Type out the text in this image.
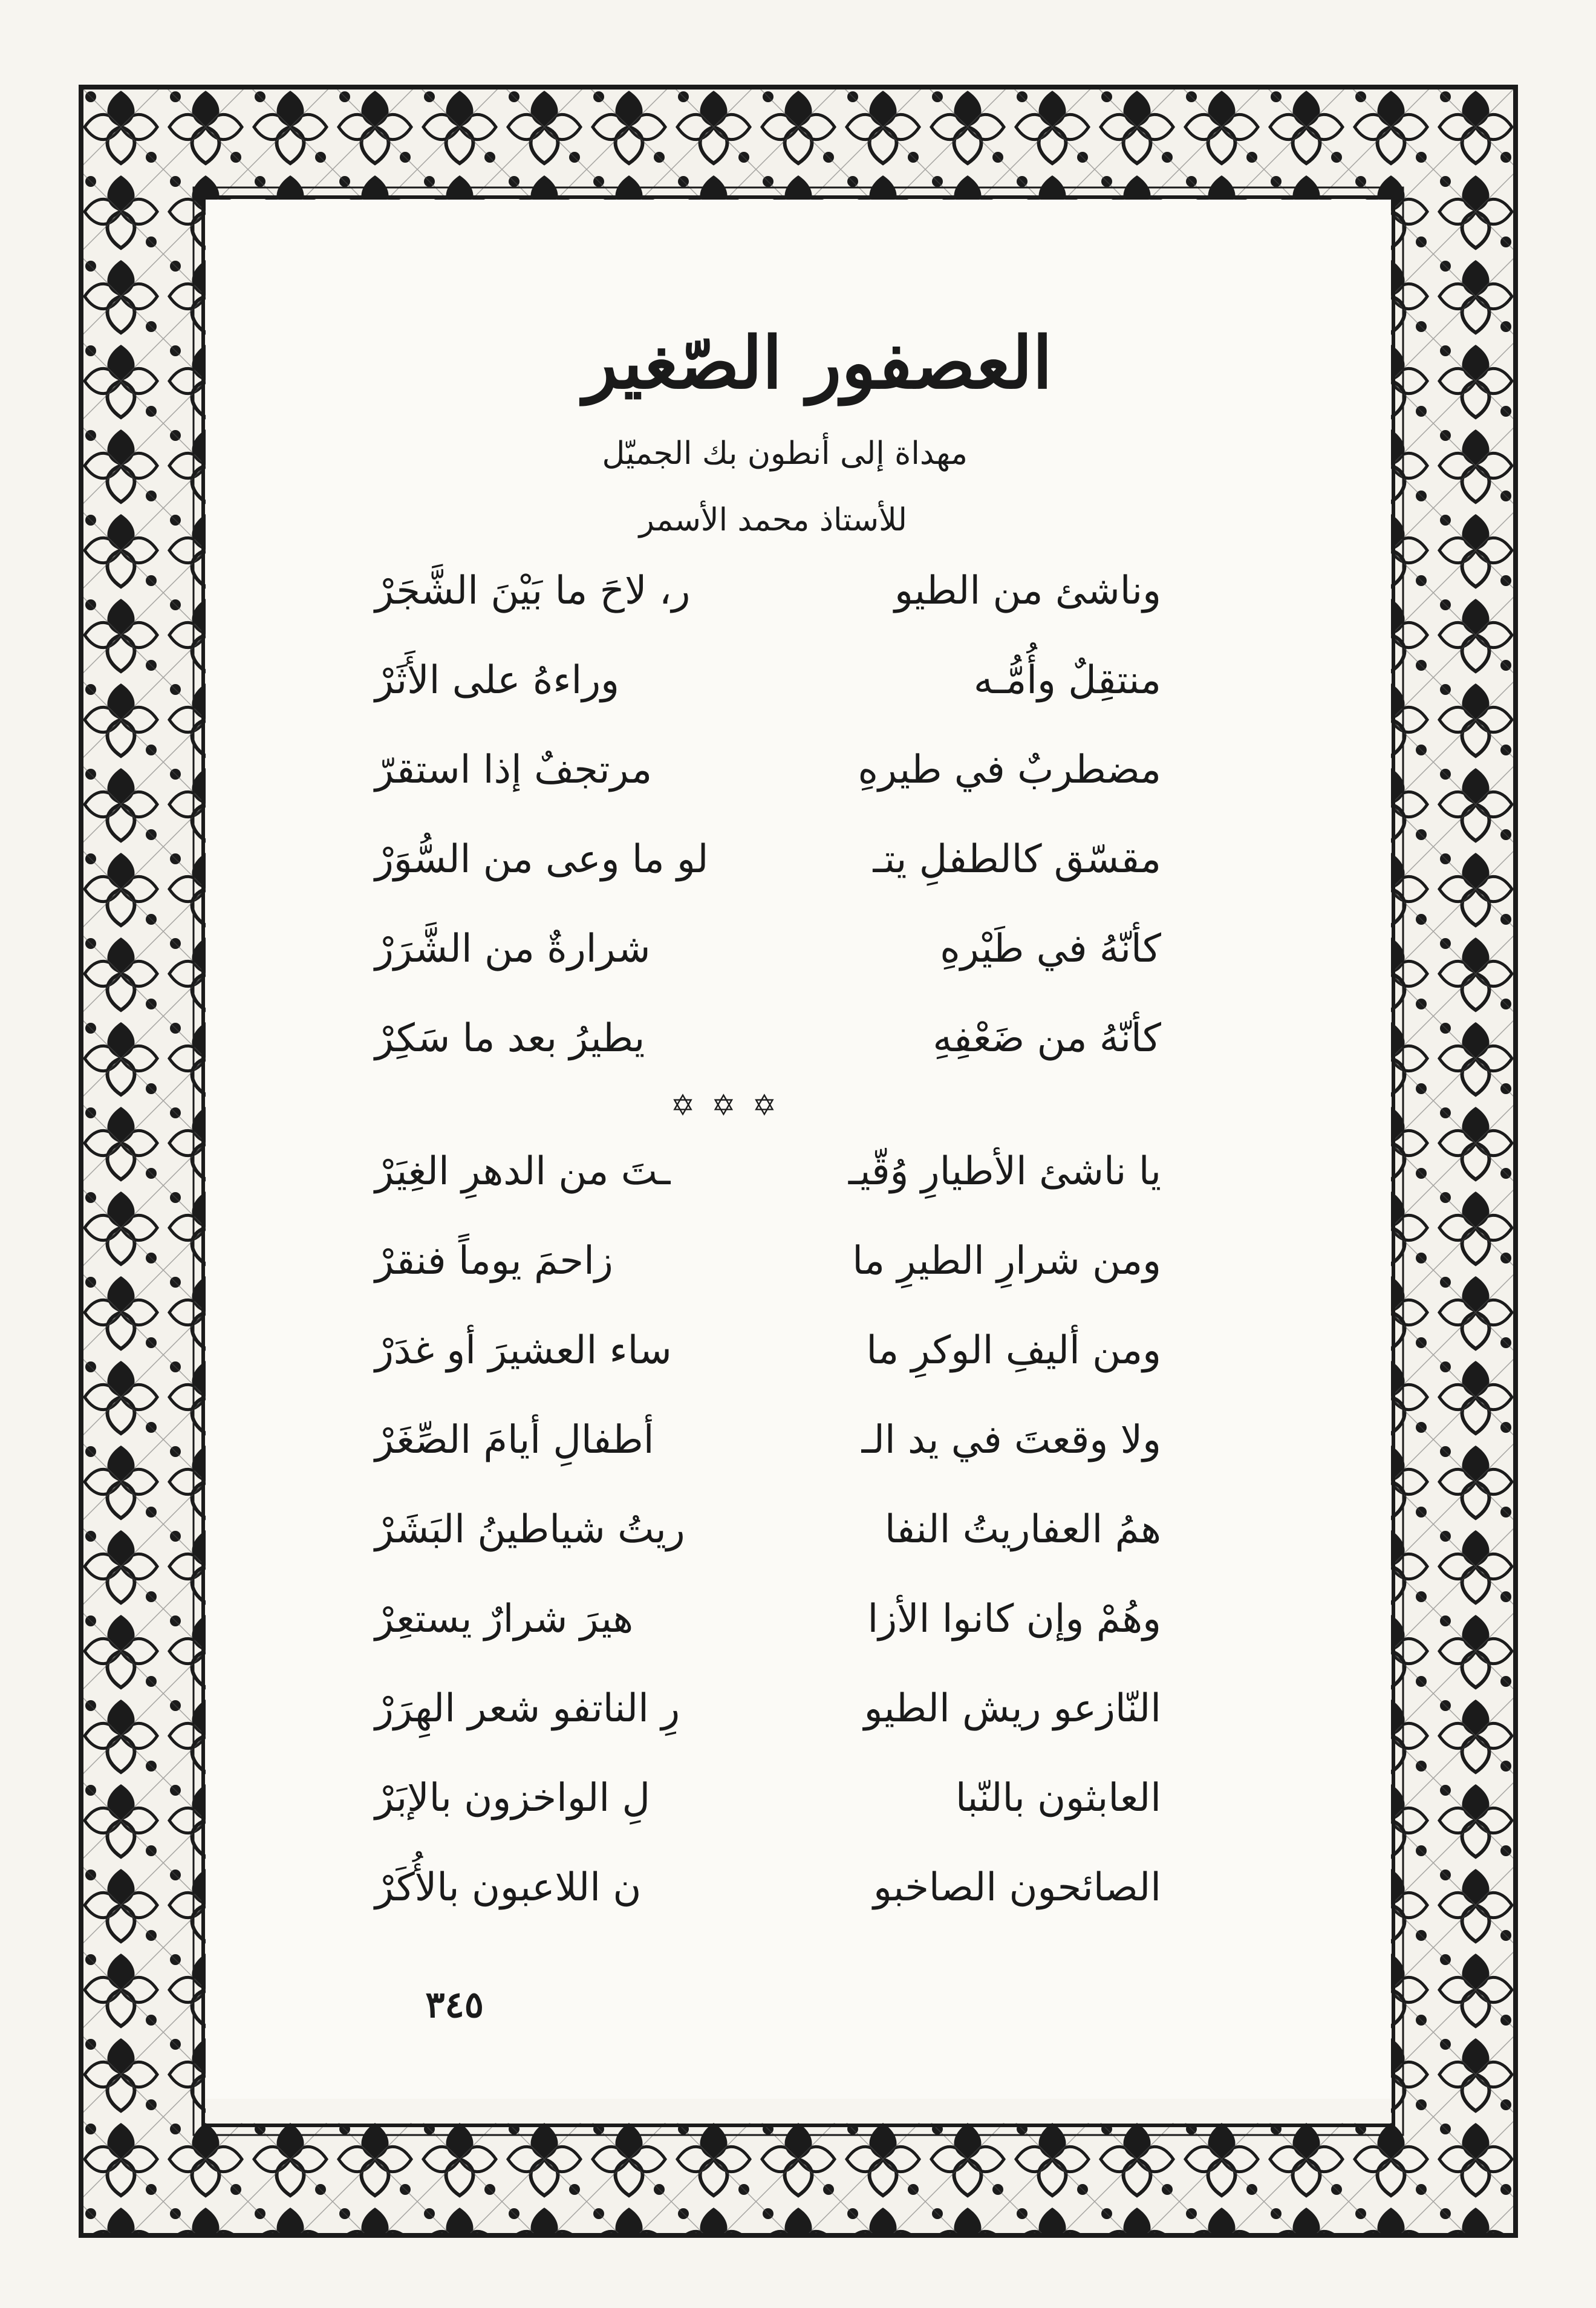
العصفور الصّغير
مهداة إلى أنطون بك الجميّل
للأستاذ محمد الأسمر
وناشئ من الطيو
ر، لاحَ ما بَيْنَ الشَّجَرْ
منتقِلٌ وأُمُّـه
وراءهُ على الأَثَرْ
مضطربٌ في طيرهِ
مرتجفٌ إذا استقرّ
مقسّق كالطفلِ يتـ
لو ما وعى من السُّوَرْ
كأنّهُ في طَيْرهِ
شرارةٌ من الشَّرَرْ
كأنّهُ من ضَعْفِهِ
يطيرُ بعد ما سَكِرْ
✡ ✡ ✡
يا ناشئ الأطيارِ وُقّيـ
ـتَ من الدهرِ الغِيَرْ
ومن شرارِ الطيرِ ما
زاحمَ يوماً فنقرْ
ومن أليفِ الوكرِ ما
ساء العشيرَ أو غدَرْ
ولا وقعتَ في يد الـ
أطفالِ أيامَ الصِّغَرْ
همُ العفاريتُ النفا
ريتُ شياطينُ البَشَرْ
وهُمْ وإن كانوا الأزا
هيرَ شرارٌ يستعِرْ
النّازعو ريش الطيو
رِ الناتفو شعر الهِرَرْ
العابثون بالنّبا
لِ الواخزون بالإبَرْ
الصائحون الصاخبو
ن اللاعبون بالأُكَرْ
٣٤٥
